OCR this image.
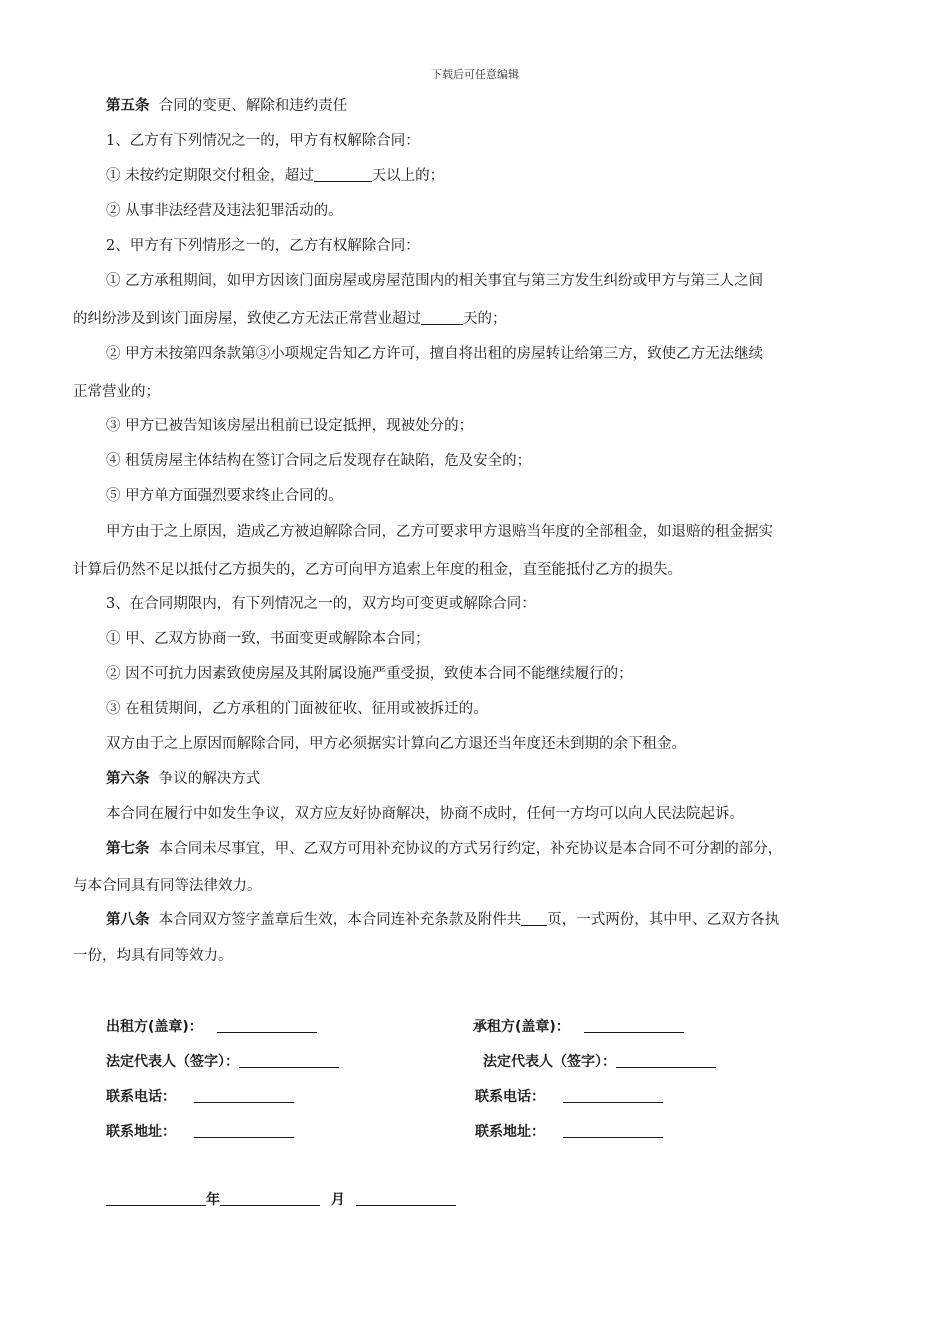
下载后可任意编辑
第五条 合同的变更、解除和违约责任
1、乙方有下列情况之一的，甲方有权解除合同：
① 未按约定期限交付租金，超过	天以上的；
② 从事非法经营及违法犯罪活动的。
2、甲方有下列情形之一的，乙方有权解除合同：
① 乙方承租期间，如甲方因该门面房屋或房屋范围内的相关事宜与第三方发生纠纷或甲方与第三人之间
的纠纷涉及到该门面房屋，致使乙方无法正常营业超过	天的；
② 甲方未按第四条款第③小项规定告知乙方许可，擅自将出租的房屋转让给第三方，致使乙方无法继续
正常营业的；
③ 甲方已被告知该房屋出租前已设定抵押，现被处分的；
④ 租赁房屋主体结构在签订合同之后发现存在缺陷，危及安全的；
⑤ 甲方单方面强烈要求终止合同的。
甲方由于之上原因，造成乙方被迫解除合同，乙方可要求甲方退赔当年度的全部租金，如退赔的租金据实
计算后仍然不足以抵付乙方损失的，乙方可向甲方追索上年度的租金，直至能抵付乙方的损失。
3、在合同期限内，有下列情况之一的，双方均可变更或解除合同：
① 甲、乙双方协商一致，书面变更或解除本合同；
② 因不可抗力因素致使房屋及其附属设施严重受损，致使本合同不能继续履行的；
③ 在租赁期间，乙方承租的门面被征收、征用或被拆迁的。
双方由于之上原因而解除合同，甲方必须据实计算向乙方退还当年度还未到期的余下租金。
第六条 争议的解决方式
本合同在履行中如发生争议，双方应友好协商解决，协商不成时，任何一方均可以向人民法院起诉。
第七条 本合同未尽事宜，甲、乙双方可用补充协议的方式另行约定，补充协议是本合同不可分割的部分，
与本合同具有同等法律效力。
第八条 本合同双方签字盖章后生效，本合同连补充条款及附件共 页，一式两份，其中甲、乙双方各执
一份，均具有同等效力。
出租方(盖章)：	承租方(盖章)：
法定代表人（签字）：	法定代表人（签字）：
联系电话：	联系电话：
联系地址：	联系地址：
年	月
